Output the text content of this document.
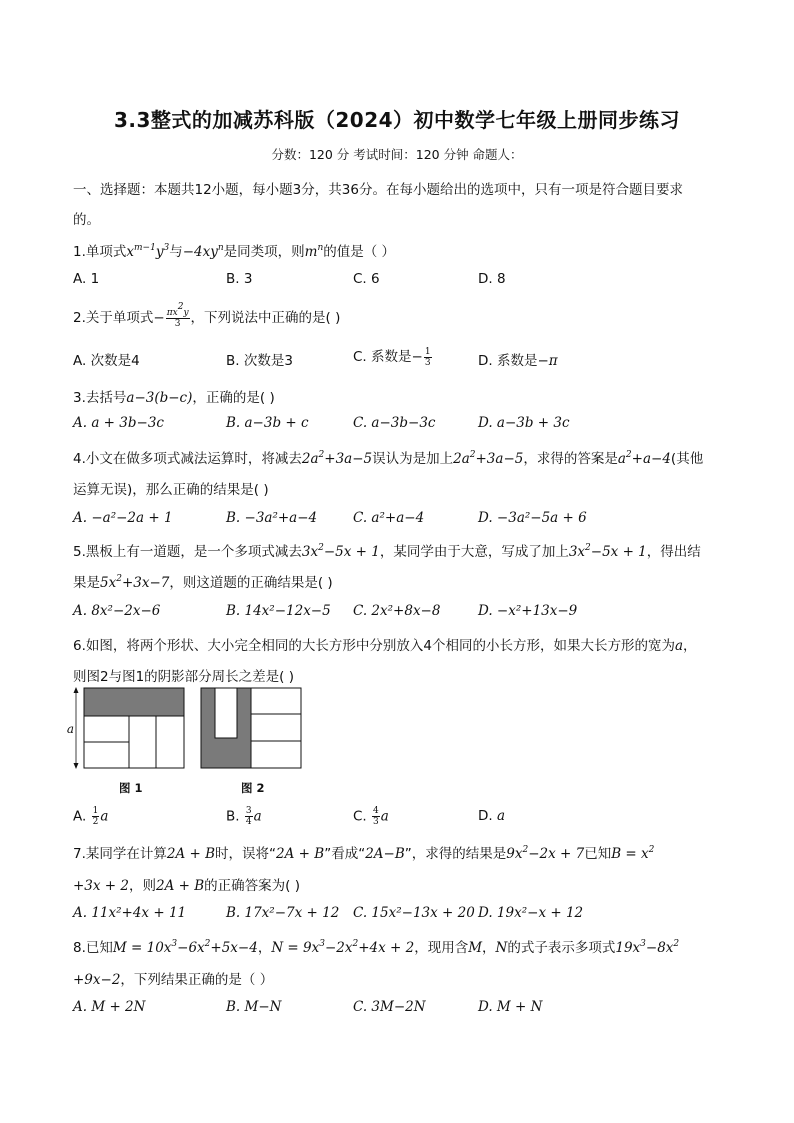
3.3整式的加减苏科版（2024）初中数学七年级上册同步练习
分数：120 分 考试时间：120 分钟 命题人：
一、选择题：本题共12小题，每小题3分，共36分。在每小题给出的选项中，只有一项是符合题目要求
的。
1.单项式$x^{m-1}y^3$与$-4xy^n$是同类项，则$m^n$的值是（ ）
A. 1	B. 3	C. 6	D. 8
2.关于单项式− $\frac{\pi x^2y}{3}$ ，下列说法中正确的是( )
A. 次数是4	B. 次数是3	C. 系数是− $\frac{1}{3}$	D. 系数是−π
3.去括号a−3(b−c)，正确的是( )
A. a + 3b−3c	B. a−3b + c	C. a−3b−3c	D. a−3b + 3c
4.小文在做多项式减法运算时，将减去$2a^2+3a-5$误认为是加上$2a^2+3a-5$，求得的答案是$a^2+a-4$(其他
运算无误)，那么正确的结果是( )
A. −a²−2a + 1	B. −3a²+a−4	C. a²+a−4	D. −3a²−5a + 6
5.黑板上有一道题，是一个多项式减去$3x^2-5x + 1$，某同学由于大意，写成了加上$3x^2-5x + 1$，得出结
果是$5x^2+3x-7$，则这道题的正确结果是( )
A. 8x²−2x−6	B. 14x²−12x−5 C. 2x²+8x−8	D. −x²+13x−9
6.如图，将两个形状、大小完全相同的大长方形中分别放入4个相同的小长方形，如果大长方形的宽为a，
则图2与图1的阴影部分周长之差是( )
a
图 1	图 2
A. $\frac{1}{2}$ a	B. $\frac{3}{4}$ a	C. $\frac{4}{3}$ a	D. a
7.某同学在计算2A + B时，误将“2A + B”看成“2A−B”，求得的结果是$9x^2-2x + 7$已知$B = x^2$
+3x + 2，则2A + B的正确答案为( )
A. 11x²+4x + 11	B. 17x²−7x + 12 C. 15x²−13x + 20 D. 19x²−x + 12
8.已知$M = 10x^3-6x^2+5x-4$，$N = 9x^3-2x^2+4x + 2$，现用含M，N的式子表示多项式$19x^3-8x^2$
+9x−2，下列结果正确的是（ ）
A. M + 2N	B. M−N	C. 3M−2N	D. M + N
